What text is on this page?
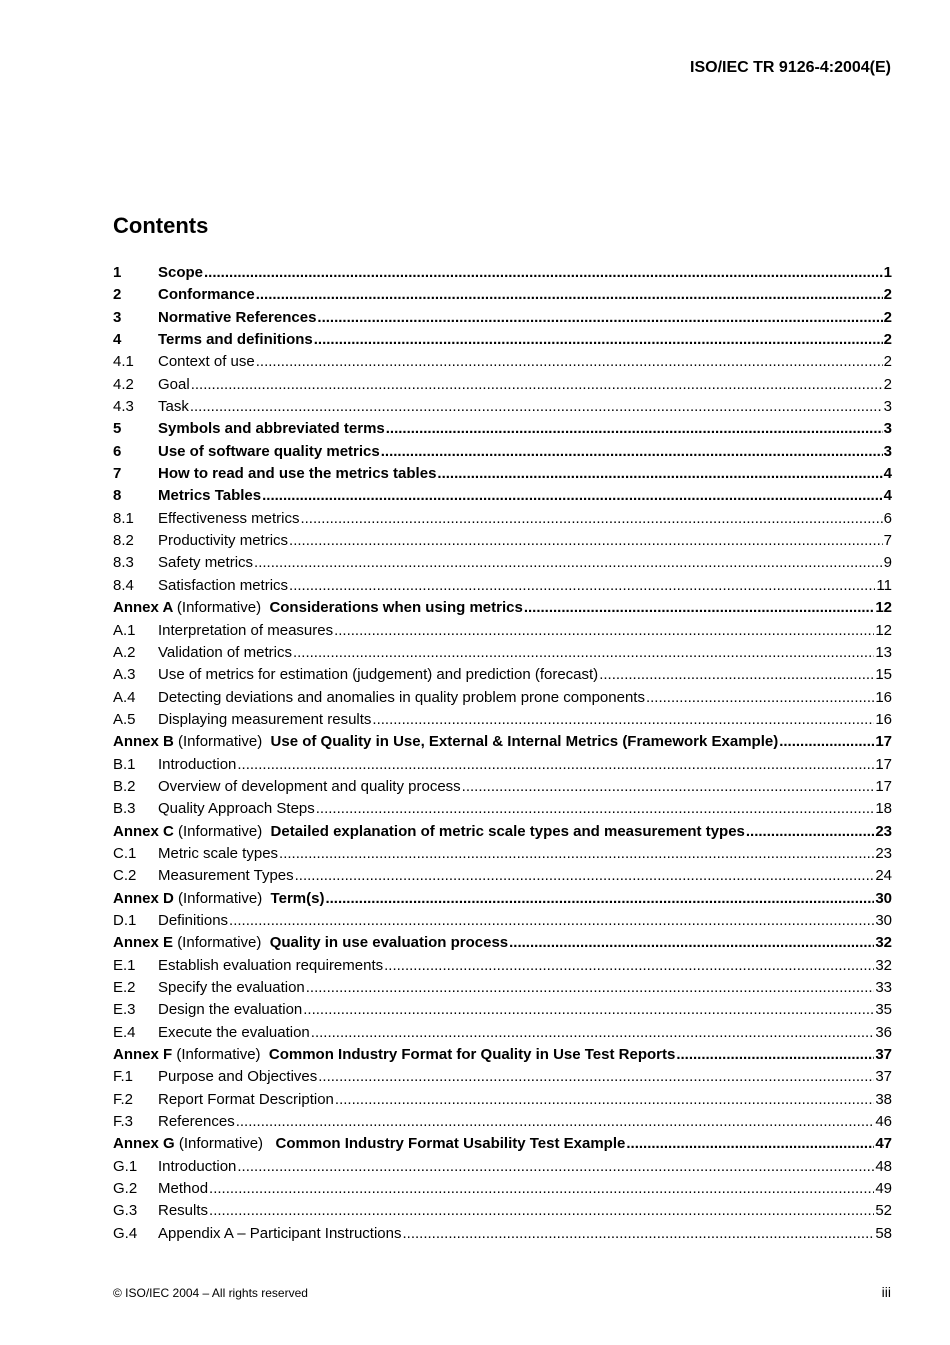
ISO/IEC TR 9126-4:2004(E)
Contents
1	Scope .....	1
2	Conformance .....	2
3	Normative References .....	2
4	Terms and definitions .....	2
4.1	Context of use .....	2
4.2	Goal .....	2
4.3	Task .....	3
5	Symbols and abbreviated terms .....	3
6	Use of software quality metrics .....	3
7	How to read and use the metrics tables .....	4
8	Metrics Tables .....	4
8.1	Effectiveness metrics .....	6
8.2	Productivity metrics .....	7
8.3	Safety metrics .....	9
8.4	Satisfaction metrics .....	11
Annex A (Informative) Considerations when using metrics .....	12
A.1	Interpretation of measures .....	12
A.2	Validation of metrics .....	13
A.3	Use of metrics for estimation (judgement) and prediction (forecast) .....	15
A.4	Detecting deviations and anomalies in quality problem prone components .....	16
A.5	Displaying measurement results .....	16
Annex B (Informative) Use of Quality in Use, External & Internal Metrics (Framework Example) .....	17
B.1	Introduction .....	17
B.2	Overview of development and quality process .....	17
B.3	Quality Approach Steps .....	18
Annex C (Informative) Detailed explanation of metric scale types and measurement types .....	23
C.1	Metric scale types .....	23
C.2	Measurement Types .....	24
Annex D (Informative) Term(s) .....	30
D.1	Definitions .....	30
Annex E (Informative) Quality in use evaluation process .....	32
E.1	Establish evaluation requirements .....	32
E.2	Specify the evaluation .....	33
E.3	Design the evaluation .....	35
E.4	Execute the evaluation .....	36
Annex F (Informative) Common Industry Format for Quality in Use Test Reports .....	37
F.1	Purpose and Objectives .....	37
F.2	Report Format Description .....	38
F.3	References .....	46
Annex G (Informative) Common Industry Format Usability Test Example .....	47
G.1	Introduction .....	48
G.2	Method .....	49
G.3	Results .....	52
G.4	Appendix A – Participant Instructions .....	58
© ISO/IEC 2004 – All rights reserved	iii
